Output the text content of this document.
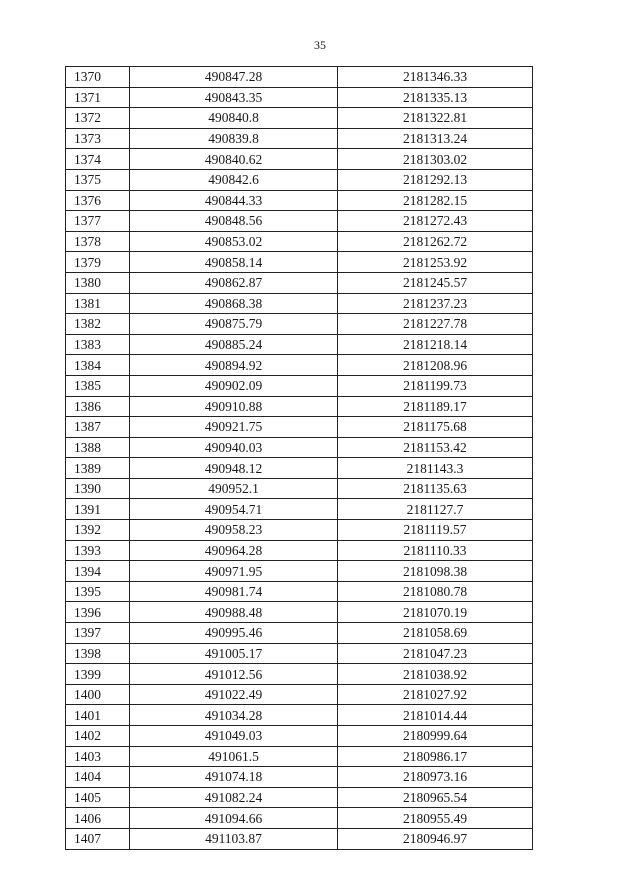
35
1370	490847.28	2181346.33
1371	490843.35	2181335.13
1372	490840.8	2181322.81
1373	490839.8	2181313.24
1374	490840.62	2181303.02
1375	490842.6	2181292.13
1376	490844.33	2181282.15
1377	490848.56	2181272.43
1378	490853.02	2181262.72
1379	490858.14	2181253.92
1380	490862.87	2181245.57
1381	490868.38	2181237.23
1382	490875.79	2181227.78
1383	490885.24	2181218.14
1384	490894.92	2181208.96
1385	490902.09	2181199.73
1386	490910.88	2181189.17
1387	490921.75	2181175.68
1388	490940.03	2181153.42
1389	490948.12	2181143.3
1390	490952.1	2181135.63
1391	490954.71	2181127.7
1392	490958.23	2181119.57
1393	490964.28	2181110.33
1394	490971.95	2181098.38
1395	490981.74	2181080.78
1396	490988.48	2181070.19
1397	490995.46	2181058.69
1398	491005.17	2181047.23
1399	491012.56	2181038.92
1400	491022.49	2181027.92
1401	491034.28	2181014.44
1402	491049.03	2180999.64
1403	491061.5	2180986.17
1404	491074.18	2180973.16
1405	491082.24	2180965.54
1406	491094.66	2180955.49
1407	491103.87	2180946.97
